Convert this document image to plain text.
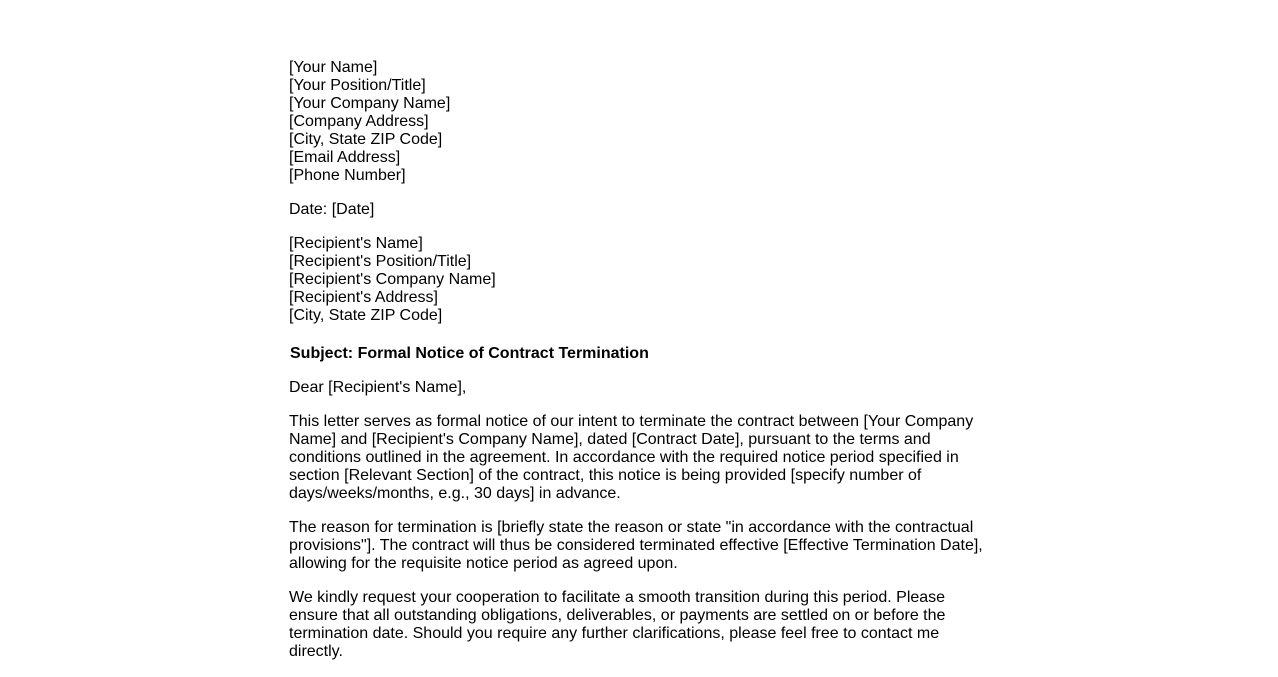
[Your Name]
[Your Position/Title]
[Your Company Name]
[Company Address]
[City, State ZIP Code]
[Email Address]
[Phone Number]
Date: [Date]
[Recipient's Name]
[Recipient's Position/Title]
[Recipient's Company Name]
[Recipient's Address]
[City, State ZIP Code]
Subject: Formal Notice of Contract Termination
Dear [Recipient's Name],

This letter serves as formal notice of our intent to terminate the contract between [Your Company Name] and [Recipient's Company Name], dated [Contract Date], pursuant to the terms and conditions outlined in the agreement. In accordance with the required notice period specified in section [Relevant Section] of the contract, this notice is being provided [specify number of days/weeks/months, e.g., 30 days] in advance.

The reason for termination is [briefly state the reason or state "in accordance with the contractual provisions"]. The contract will thus be considered terminated effective [Effective Termination Date], allowing for the requisite notice period as agreed upon.

We kindly request your cooperation to facilitate a smooth transition during this period. Please ensure that all outstanding obligations, deliverables, or payments are settled on or before the termination date. Should you require any further clarifications, please feel free to contact me directly.
